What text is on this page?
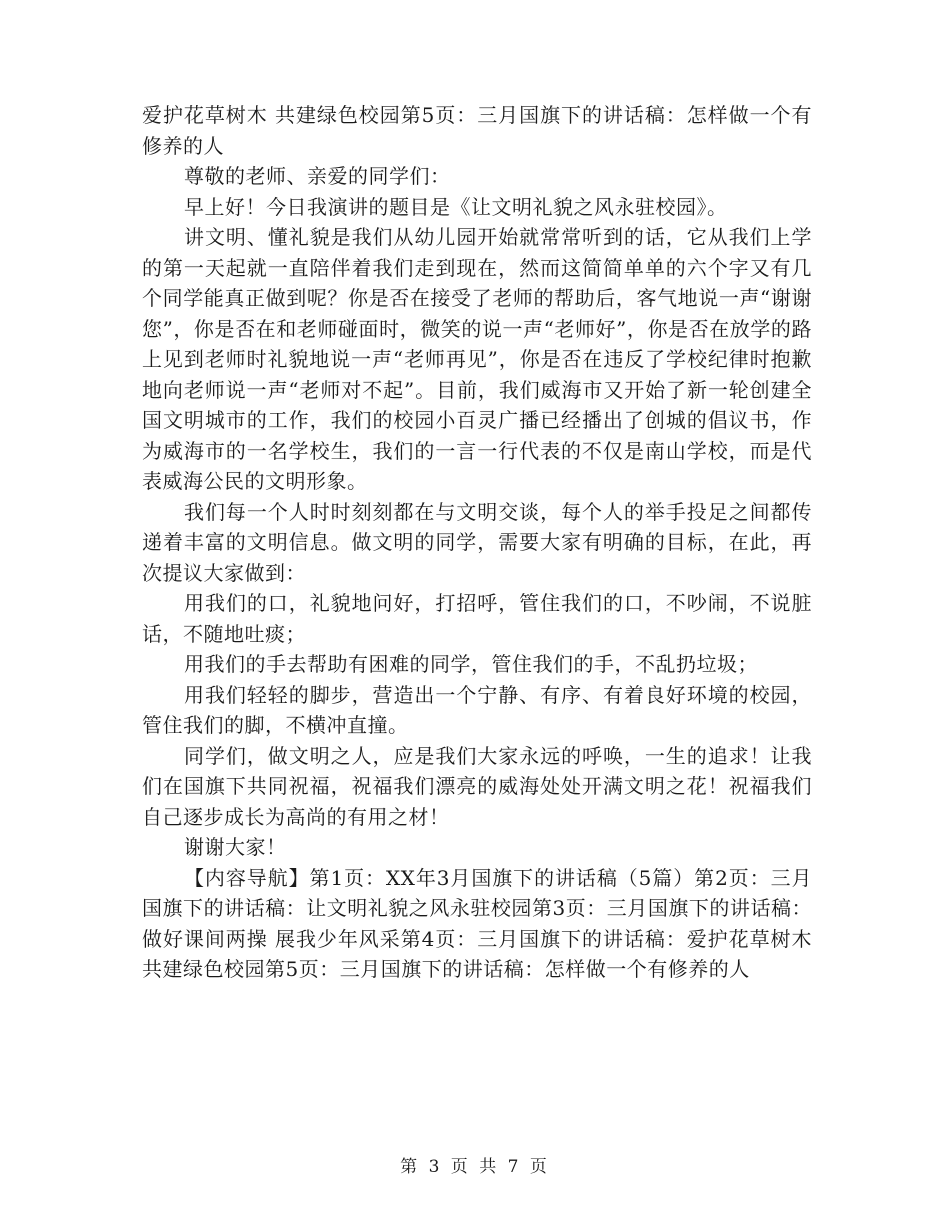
爱护花草树木 共建绿色校园第5页：三月国旗下的讲话稿：怎样做一个有修养的人

尊敬的老师、亲爱的同学们：

早上好！今日我演讲的题目是《让文明礼貌之风永驻校园》。

讲文明、懂礼貌是我们从幼儿园开始就常常听到的话，它从我们上学的第一天起就一直陪伴着我们走到现在，然而这简简单单的六个字又有几个同学能真正做到呢？你是否在接受了老师的帮助后，客气地说一声“谢谢您”，你是否在和老师碰面时，微笑的说一声“老师好”，你是否在放学的路上见到老师时礼貌地说一声“老师再见”，你是否在违反了学校纪律时抱歉地向老师说一声“老师对不起”。目前，我们威海市又开始了新一轮创建全国文明城市的工作，我们的校园小百灵广播已经播出了创城的倡议书，作为威海市的一名学校生，我们的一言一行代表的不仅是南山学校，而是代表威海公民的文明形象。

我们每一个人时时刻刻都在与文明交谈，每个人的举手投足之间都传递着丰富的文明信息。做文明的同学，需要大家有明确的目标，在此，再次提议大家做到：

用我们的口，礼貌地问好，打招呼，管住我们的口，不吵闹，不说脏话，不随地吐痰；

用我们的手去帮助有困难的同学，管住我们的手，不乱扔垃圾；

用我们轻轻的脚步，营造出一个宁静、有序、有着良好环境的校园，管住我们的脚，不横冲直撞。

同学们，做文明之人，应是我们大家永远的呼唤，一生的追求！让我们在国旗下共同祝福，祝福我们漂亮的威海处处开满文明之花！祝福我们自己逐步成长为高尚的有用之材！

谢谢大家！

【内容导航】第1页：XX年3月国旗下的讲话稿（5篇）第2页：三月国旗下的讲话稿：让文明礼貌之风永驻校园第3页：三月国旗下的讲话稿：做好课间两操 展我少年风采第4页：三月国旗下的讲话稿：爱护花草树木 共建绿色校园第5页：三月国旗下的讲话稿：怎样做一个有修养的人

第 3 页 共 7 页
